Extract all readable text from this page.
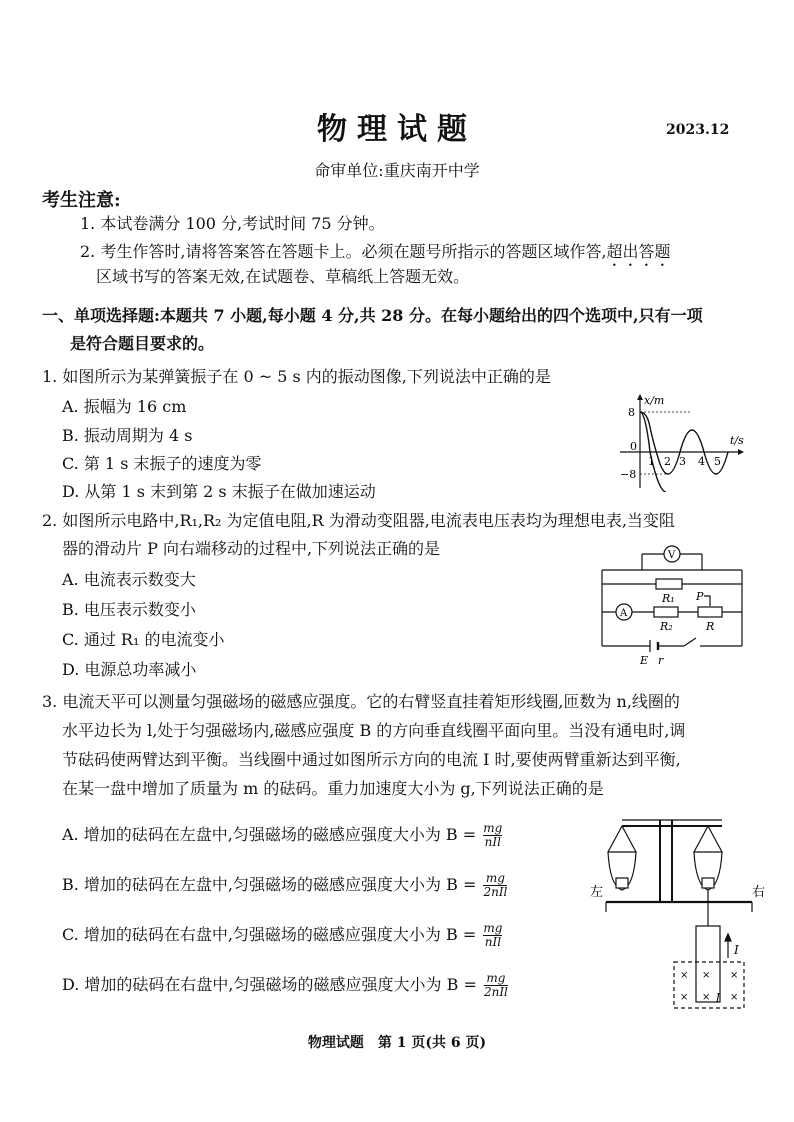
物理试题	2023.12
命审单位:重庆南开中学
考生注意:
1. 本试卷满分 100 分,考试时间 75 分钟。
2. 考生作答时,请将答案答在答题卡上。必须在题号所指示的答题区域作答,超出答题
区域书写的答案无效,在试题卷、草稿纸上答题无效。
一、单项选择题:本题共 7 小题,每小题 4 分,共 28 分。在每小题给出的四个选项中,只有一项
是符合题目要求的。
1. 如图所示为某弹簧振子在 0 ~ 5 s 内的振动图像,下列说法中正确的是
A. 振幅为 16 cm
B. 振动周期为 4 s
C. 第 1 s 末振子的速度为零
D. 从第 1 s 末到第 2 s 末振子在做加速运动
x/m
t/s
8
−8
0
1 2 3 4 5
2. 如图所示电路中,R₁,R₂ 为定值电阻,R 为滑动变阻器,电流表电压表均为理想电表,当变阻
器的滑动片 P 向右端移动的过程中,下列说法正确的是
A. 电流表示数变大
B. 电压表示数变小
C. 通过 R₁ 的电流变小
D. 电源总功率减小
V
A
R₁
R₂	R
P
E r
3. 电流天平可以测量匀强磁场的磁感应强度。它的右臂竖直挂着矩形线圈,匝数为 n,线圈的
水平边长为 l,处于匀强磁场内,磁感应强度 B 的方向垂直线圈平面向里。当没有通电时,调
节砝码使两臂达到平衡。当线圈中通过如图所示方向的电流 I 时,要使两臂重新达到平衡,
在某一盘中增加了质量为 m 的砝码。重力加速度大小为 g,下列说法正确的是
A. 增加的砝码在左盘中,匀强磁场的磁感应强度大小为 B = mg
nIl
B. 增加的砝码在左盘中,匀强磁场的磁感应强度大小为 B = mg
2nIl
C. 增加的砝码在右盘中,匀强磁场的磁感应强度大小为 B = mg
nIl
D. 增加的砝码在右盘中,匀强磁场的磁感应强度大小为 B = mg
2nIl
左	右
I
l
× × ×
× × ×
物理试题　第 1 页(共 6 页)
